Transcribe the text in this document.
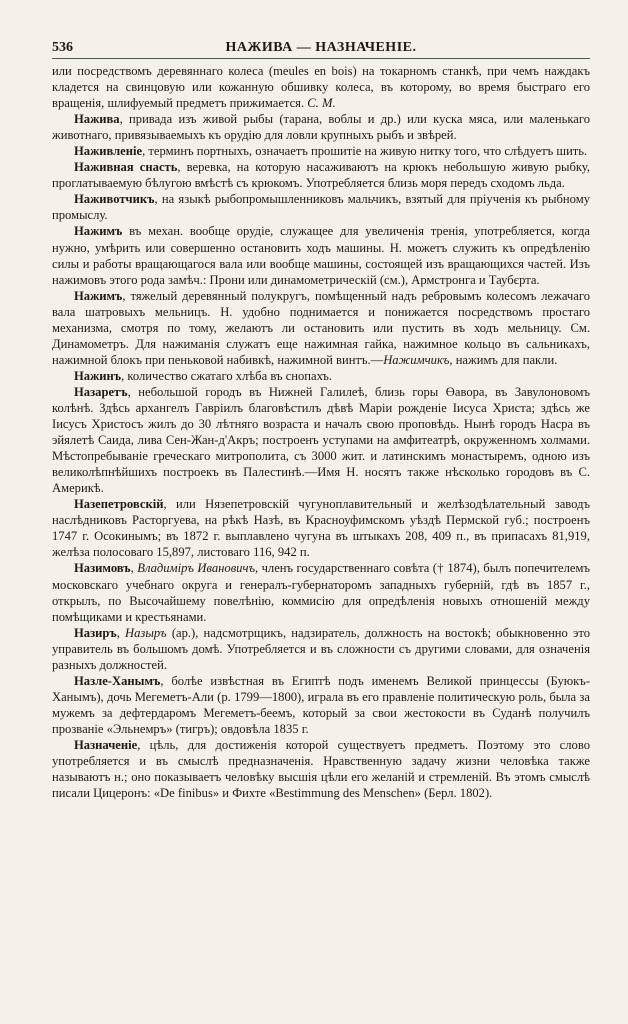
536	НАЖИВА — НАЗНАЧЕНІЕ.

или посредствомъ деревяннаго колеса (meules en bois) на токарномъ станкѣ, при чемъ наждакъ кладется на свинцовую или кожанную обшивку колеса, въ которому, во время быстраго его вращенія, шлифуемый предметъ прижимается. С. М.

Нажива, привада изъ живой рыбы (тарана, воблы и др.) или куска мяса, или маленькаго животнаго, привязываемыхъ къ орудію для ловли крупныхъ рыбъ и звѣрей.

Наживленіе, терминъ портныхъ, означаетъ прошитіе на живую нитку того, что слѣдуетъ шить.

Наживная снасть, веревка, на которую насаживаютъ на крюкъ небольшую живую рыбку, проглатываемую бѣлугою вмѣстѣ съ крюкомъ. Употребляется близь моря передъ сходомъ льда.

Наживотчикъ, на языкѣ рыбопромышленниковъ мальчикъ, взятый для пріученія къ рыбному промыслу.

Нажимъ въ механ. вообще орудіе, служащее для увеличенія тренія, употребляется, когда нужно, умѣрить или совершенно остановить ходъ машины. Н. можетъ служить къ опредѣленію силы и работы вращающагося вала или вообще машины, состоящей изъ вращающихся частей. Изъ нажимовъ этого рода замѣч.: Прони или динамометрическій (см.), Армстронга и Таубєрта.

Нажимъ, тяжелый деревянный полукругъ, помѣщенный надъ ребровымъ колесомъ лежачаго вала шатровыхъ мельницъ. Н. удобно поднимается и понижается посредствомъ простаго механизма, смотря по тому, желаютъ ли остановить или пустить въ ходъ мельницу. См. Динамометръ. Для нажиманія служатъ еще нажимная гайка, нажимное кольцо въ сальникахъ, нажимной блокъ при пеньковой набивкѣ, нажимной винтъ.—Нажимчикъ, нажимъ для пакли.

Нажинъ, количество сжатаго хлѣба въ снопахъ.

Назаретъ, небольшой городъ въ Нижней Галилеѣ, близь горы Өавора, въ Завулоновомъ колѣнѣ. Здѣсь архангелъ Гавріилъ благовѣстилъ дѣвѣ Маріи рожденіе Іисуса Христа; здѣсь же Іисусъ Христосъ жилъ до 30 лѣтняго возраста и началъ свою проповѣдь. Нынѣ городъ Насра въ эйялетѣ Саида, лива Сен-Жан-д'Акръ; построенъ уступами на амфитеатрѣ, окруженномъ холмами. Мѣстопребываніе греческаго митрополита, съ 3000 жит. и латинскимъ монастыремъ, одною изъ великолѣпнѣйшихъ построекъ въ Палестинѣ.—Имя Н. носятъ также нѣсколько городовъ въ С. Америкѣ.

Назепетровскій, или Нязепетровскій чугуноплавительный и желѣзодѣлательный заводъ наслѣдниковъ Расторгуева, на рѣкѣ Назѣ, въ Красноуфимскомъ уѣздѣ Пермской губ.; построенъ 1747 г. Осокинымъ; въ 1872 г. выплавлено чугуна въ штыкахъ 208, 409 п., въ припасахъ 81,919, желѣза полосоваго 15,897, листоваго 116, 942 п.

Назимовъ, Владиміръ Ивановичъ, членъ государственнаго совѣта († 1874), былъ попечителемъ московскаго учебнаго округа и генералъ-губернаторомъ западныхъ губерній, гдѣ въ 1857 г., открылъ, по Высочайшему повелѣнію, коммисію для опредѣленія новыхъ отношеній между помѣщиками и крестьянами.

Назиръ, Назыръ (ар.), надсмотрщикъ, надзиратель, должность на востокѣ; обыкновенно это управитель въ большомъ домѣ. Употребляется и въ сложности съ другими словами, для означенія разныхъ должностей.

Назле-Ханымъ, болѣе извѣстная въ Египтѣ подъ именемъ Великой принцессы (Буюкъ-Ханымъ), дочь Мегеметъ-Али (р. 1799—1800), играла въ его правленіе политическую роль, была за мужемъ за дефтердаромъ Мегеметъ-беемъ, который за свои жестокости въ Суданѣ получилъ прозваніе «Эльнемръ» (тигръ); овдовѣла 1835 г.

Назначеніе, цѣль, для достиженія которой существуетъ предметъ. Поэтому это слово употребляется и въ смыслѣ предназначенія. Нравственную задачу жизни человѣка также называютъ н.; оно показываетъ человѣку высшія цѣли его желаній и стремленій. Въ этомъ смыслѣ писали Цицеронъ: «De finibus» и Фихте «Bestimmung des Menschen» (Берл. 1802).
